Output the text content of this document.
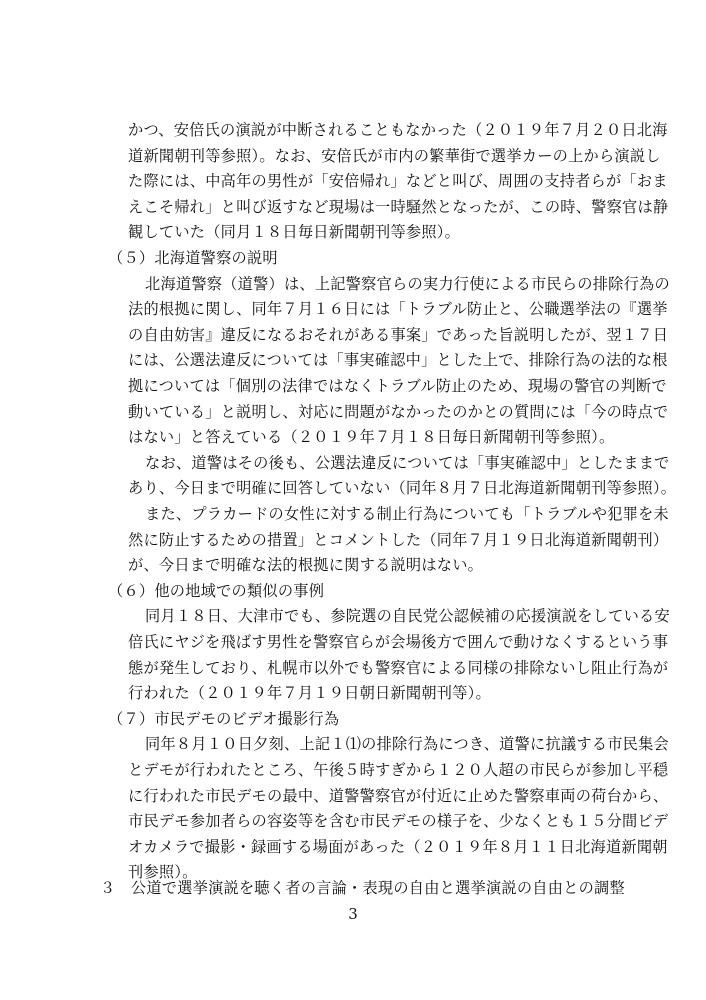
かつ、安倍氏の演説が中断されることもなかった（２０１９年７月２０日北海
道新聞朝刊等参照）。なお、安倍氏が市内の繁華街で選挙カーの上から演説し
た際には、中高年の男性が「安倍帰れ」などと叫び、周囲の支持者らが「おま
えこそ帰れ」と叫び返すなど現場は一時騒然となったが、この時、警察官は静
観していた（同月１８日毎日新聞朝刊等参照）。
（５）北海道警察の説明
北海道警察（道警）は、上記警察官らの実力行使による市民らの排除行為の
法的根拠に関し、同年７月１６日には「トラブル防止と、公職選挙法の『選挙
の自由妨害』違反になるおそれがある事案」であった旨説明したが、翌１７日
には、公選法違反については「事実確認中」とした上で、排除行為の法的な根
拠については「個別の法律ではなくトラブル防止のため、現場の警官の判断で
動いている」と説明し、対応に問題がなかったのかとの質問には「今の時点で
はない」と答えている（２０１９年７月１８日毎日新聞朝刊等参照）。
なお、道警はその後も、公選法違反については「事実確認中」としたままで
あり、今日まで明確に回答していない（同年８月７日北海道新聞朝刊等参照）。
また、プラカードの女性に対する制止行為についても「トラブルや犯罪を未
然に防止するための措置」とコメントした（同年７月１９日北海道新聞朝刊）
が、今日まで明確な法的根拠に関する説明はない。
（６）他の地域での類似の事例
同月１８日、大津市でも、参院選の自民党公認候補の応援演説をしている安
倍氏にヤジを飛ばす男性を警察官らが会場後方で囲んで動けなくするという事
態が発生しており、札幌市以外でも警察官による同様の排除ないし阻止行為が
行われた（２０１９年７月１９日朝日新聞朝刊等）。
（７）市民デモのビデオ撮影行為
同年８月１０日夕刻、上記１⑴の排除行為につき、道警に抗議する市民集会
とデモが行われたところ、午後５時すぎから１２０人超の市民らが参加し平穏
に行われた市民デモの最中、道警警察官が付近に止めた警察車両の荷台から、
市民デモ参加者らの容姿等を含む市民デモの様子を、少なくとも１５分間ビデ
オカメラで撮影・録画する場面があった（２０１９年８月１１日北海道新聞朝
刊参照）。
３　公道で選挙演説を聴く者の言論・表現の自由と選挙演説の自由との調整
3
